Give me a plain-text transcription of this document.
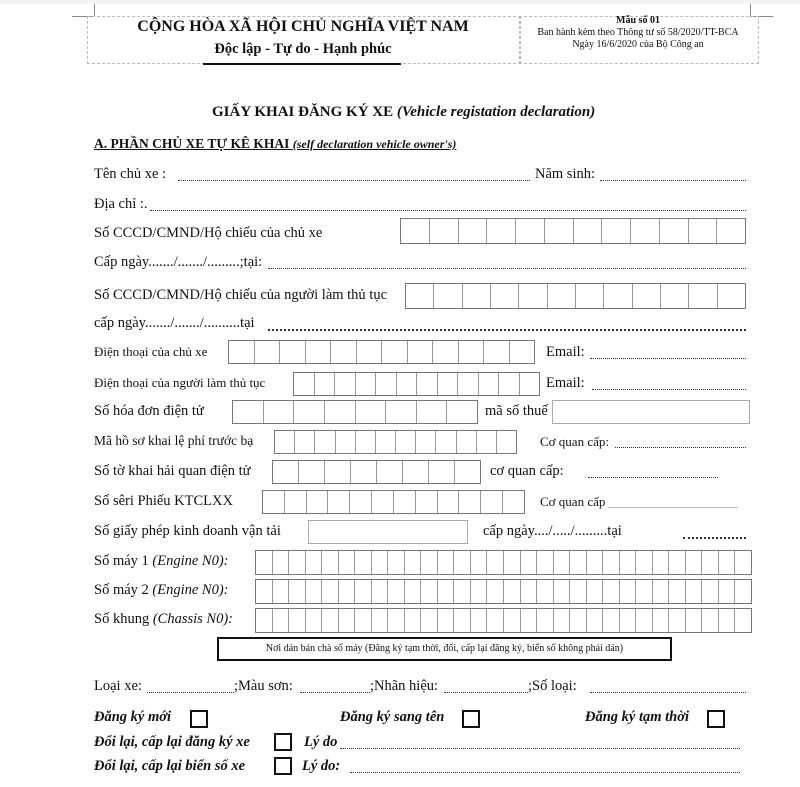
CỘNG HÒA XÃ HỘI CHỦ NGHĨA VIỆT NAM
Độc lập - Tự do - Hạnh phúc
Mẫu số 01
Ban hành kèm theo Thông tư số 58/2020/TT-BCA
Ngày 16/6/2020 của Bộ Công an
GIẤY KHAI ĐĂNG KÝ XE (Vehicle registation declaration)
A. PHẦN CHỦ XE TỰ KÊ KHAI (self declaration vehicle owner's)
Tên chủ xe :	Năm sinh:
Địa chỉ :.
Số CCCD/CMND/Hộ chiếu của chủ xe
Cấp ngày......./......./.........;tại:
Số CCCD/CMND/Hộ chiếu của người làm thủ tục
cấp ngày......./......./..........tại
Điện thoại của chủ xe	Email:
Điện thoại của người làm thủ tục	Email:
Số hóa đơn điện tử	mã số thuế
Mã hồ sơ khai lệ phí trước bạ	Cơ quan cấp:
Số tờ khai hải quan điện tử	cơ quan cấp:
Số sêri Phiếu KTCLXX	Cơ quan cấp
Số giấy phép kinh doanh vận tải	cấp ngày..../...../.........tại
Số máy 1 (Engine N0):
Số máy 2 (Engine N0):
Số khung (Chassis N0):
Nơi dán bản chà số máy (Đăng ký tạm thời, đổi, cấp lại đăng ký, biển số không phải dán)
Loại xe:	;Màu sơn:	;Nhãn hiệu:	;Số loại:
Đăng ký mới	Đăng ký sang tên	Đăng ký tạm thời
Đổi lại, cấp lại đăng ký xe	Lý do
Đổi lại, cấp lại biển số xe	Lý do:
